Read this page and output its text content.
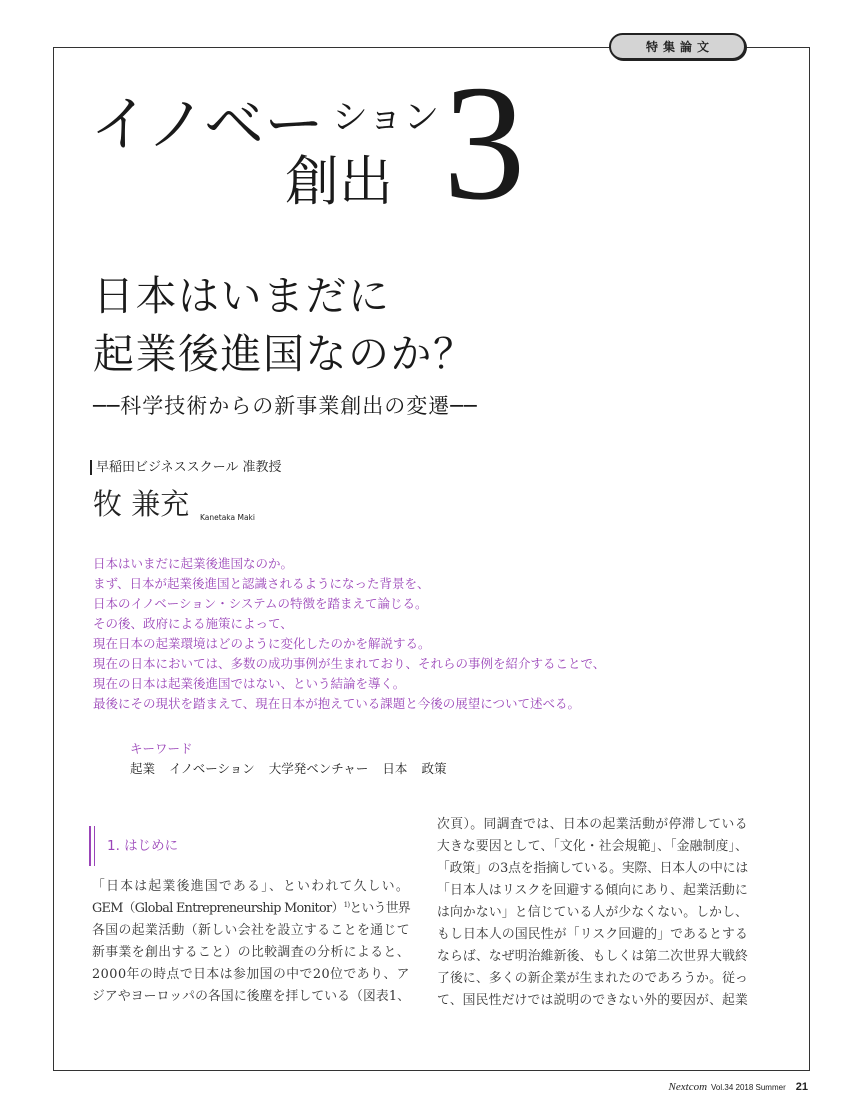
特集論文
イノベー ション
創出 3
日本はいまだに
起業後進国なのか？
──科学技術からの新事業創出の変遷──
早稲田ビジネススクール 准教授
牧 兼充 Kanetaka Maki
日本はいまだに起業後進国なのか。
まず、日本が起業後進国と認識されるようになった背景を、
日本のイノベーション・システムの特徴を踏まえて論じる。
その後、政府による施策によって、
現在日本の起業環境はどのように変化したのかを解説する。
現在の日本においては、多数の成功事例が生まれており、それらの事例を紹介することで、
現在の日本は起業後進国ではない、という結論を導く。
最後にその現状を踏まえて、現在日本が抱えている課題と今後の展望について述べる。
キーワード
起業 イノベーション 大学発ベンチャー 日本 政策
1. はじめに
「日本は起業後進国である」、といわれて久しい。
GEM（Global Entrepreneurship Monitor）$^{1)}$という世界
各国の起業活動（新しい会社を設立することを通じて
新事業を創出すること）の比較調査の分析によると、
2000年の時点で日本は参加国の中で20位であり、ア
ジアやヨーロッパの各国に後塵を拝している（図表1、
次頁）。同調査では、日本の起業活動が停滞している
大きな要因として、「文化・社会規範」、「金融制度」、
「政策」の3点を指摘している。実際、日本人の中には
「日本人はリスクを回避する傾向にあり、起業活動に
は向かない」と信じている人が少なくない。しかし、
もし日本人の国民性が「リスク回避的」であるとする
ならば、なぜ明治維新後、もしくは第二次世界大戦終
了後に、多くの新企業が生まれたのであろうか。従っ
て、国民性だけでは説明のできない外的要因が、起業
Nextcom Vol.34 2018 Summer 21
